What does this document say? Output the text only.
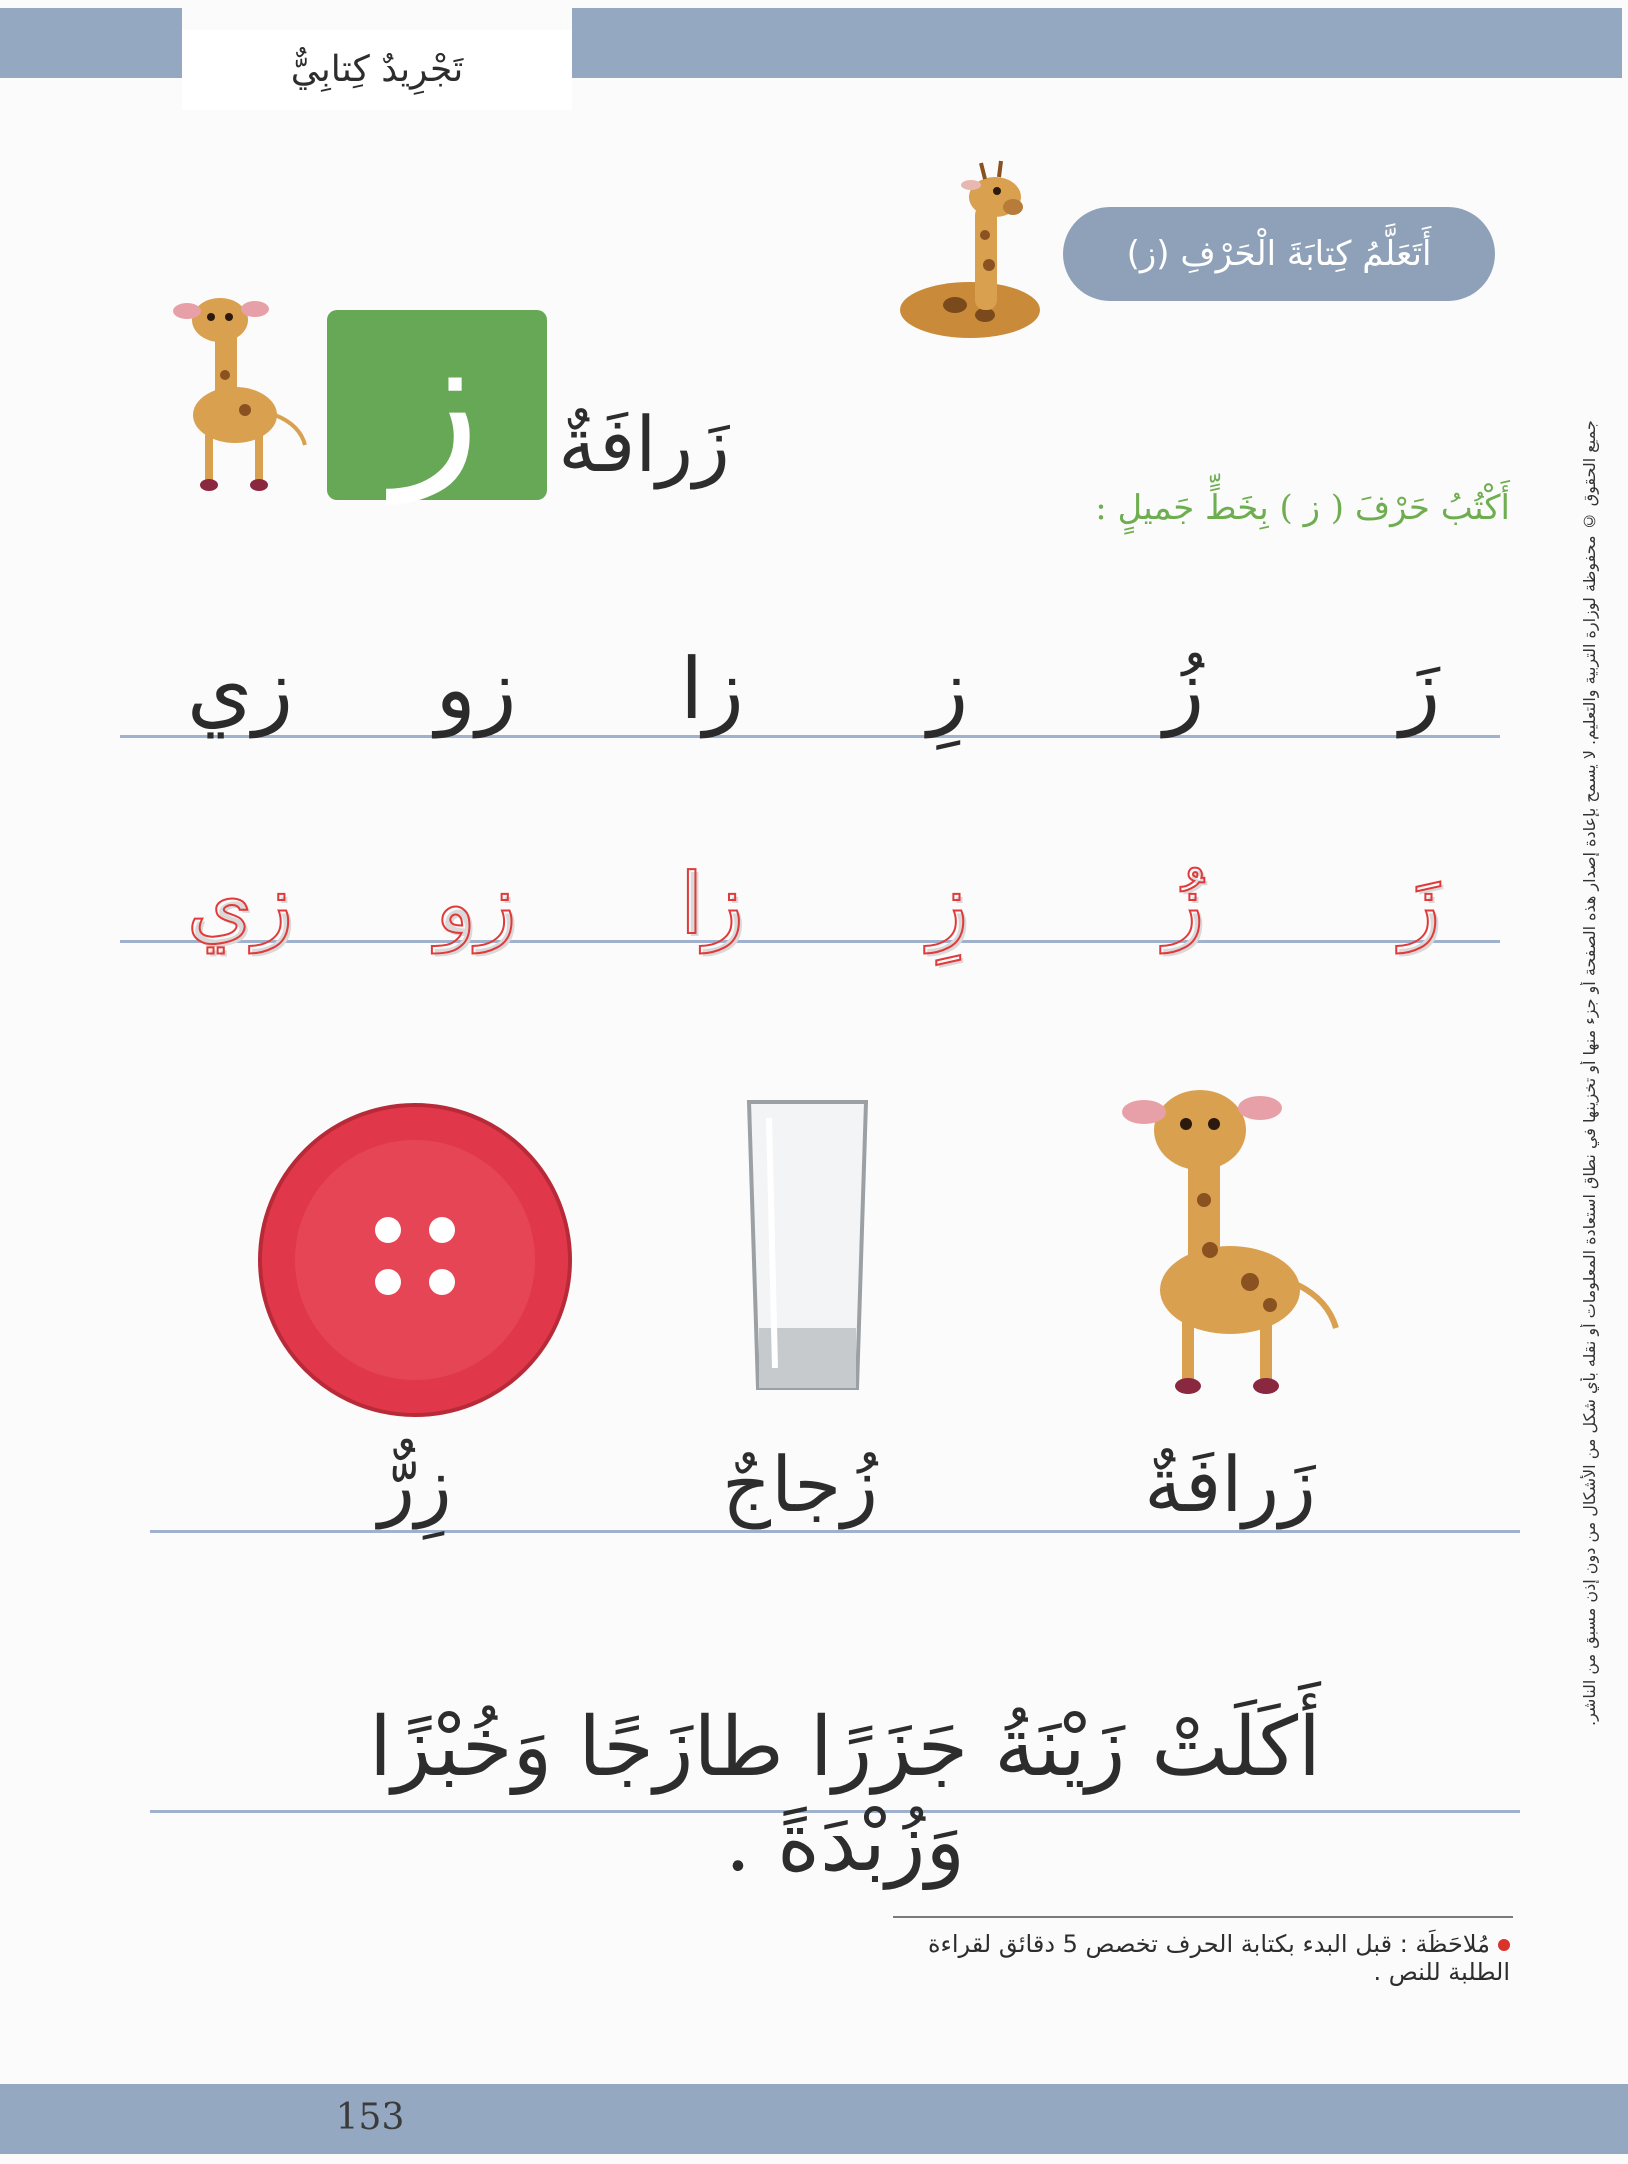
تَجْرِيدٌ كِتابِيٌّ
أَتَعَلَّمُ كِتابَةَ الْحَرْفِ (ز)
ز	زَرافَةٌ
أَكْتُبُ حَرْفَ ( ز ) بِخَطٍّ جَميلٍ :
زَ
زُ
زِ
زا
زو
زي
زَ
زُ
زِ
زا
زو
زي
زَرافَةٌ
زُجاجٌ
زِرٌّ
أَكَلَتْ زَيْنَةُ جَزَرًا طازَجًا وَخُبْزًا وَزُبْدَةً .
مُلاحَظَة : قبل البدء بكتابة الحرف تخصص 5 دقائق لقراءة الطلبة للنص .
جميع الحقوق © محفوظة لوزارة التربية والتعليم. لا يسمح بإعادة إصدار هذه الصفحة أو جزء منها أو تخزينها في نطاق استعادة المعلومات أو نقله بأي شكل من الأشكال من دون إذن مسبق من الناشر.
153
